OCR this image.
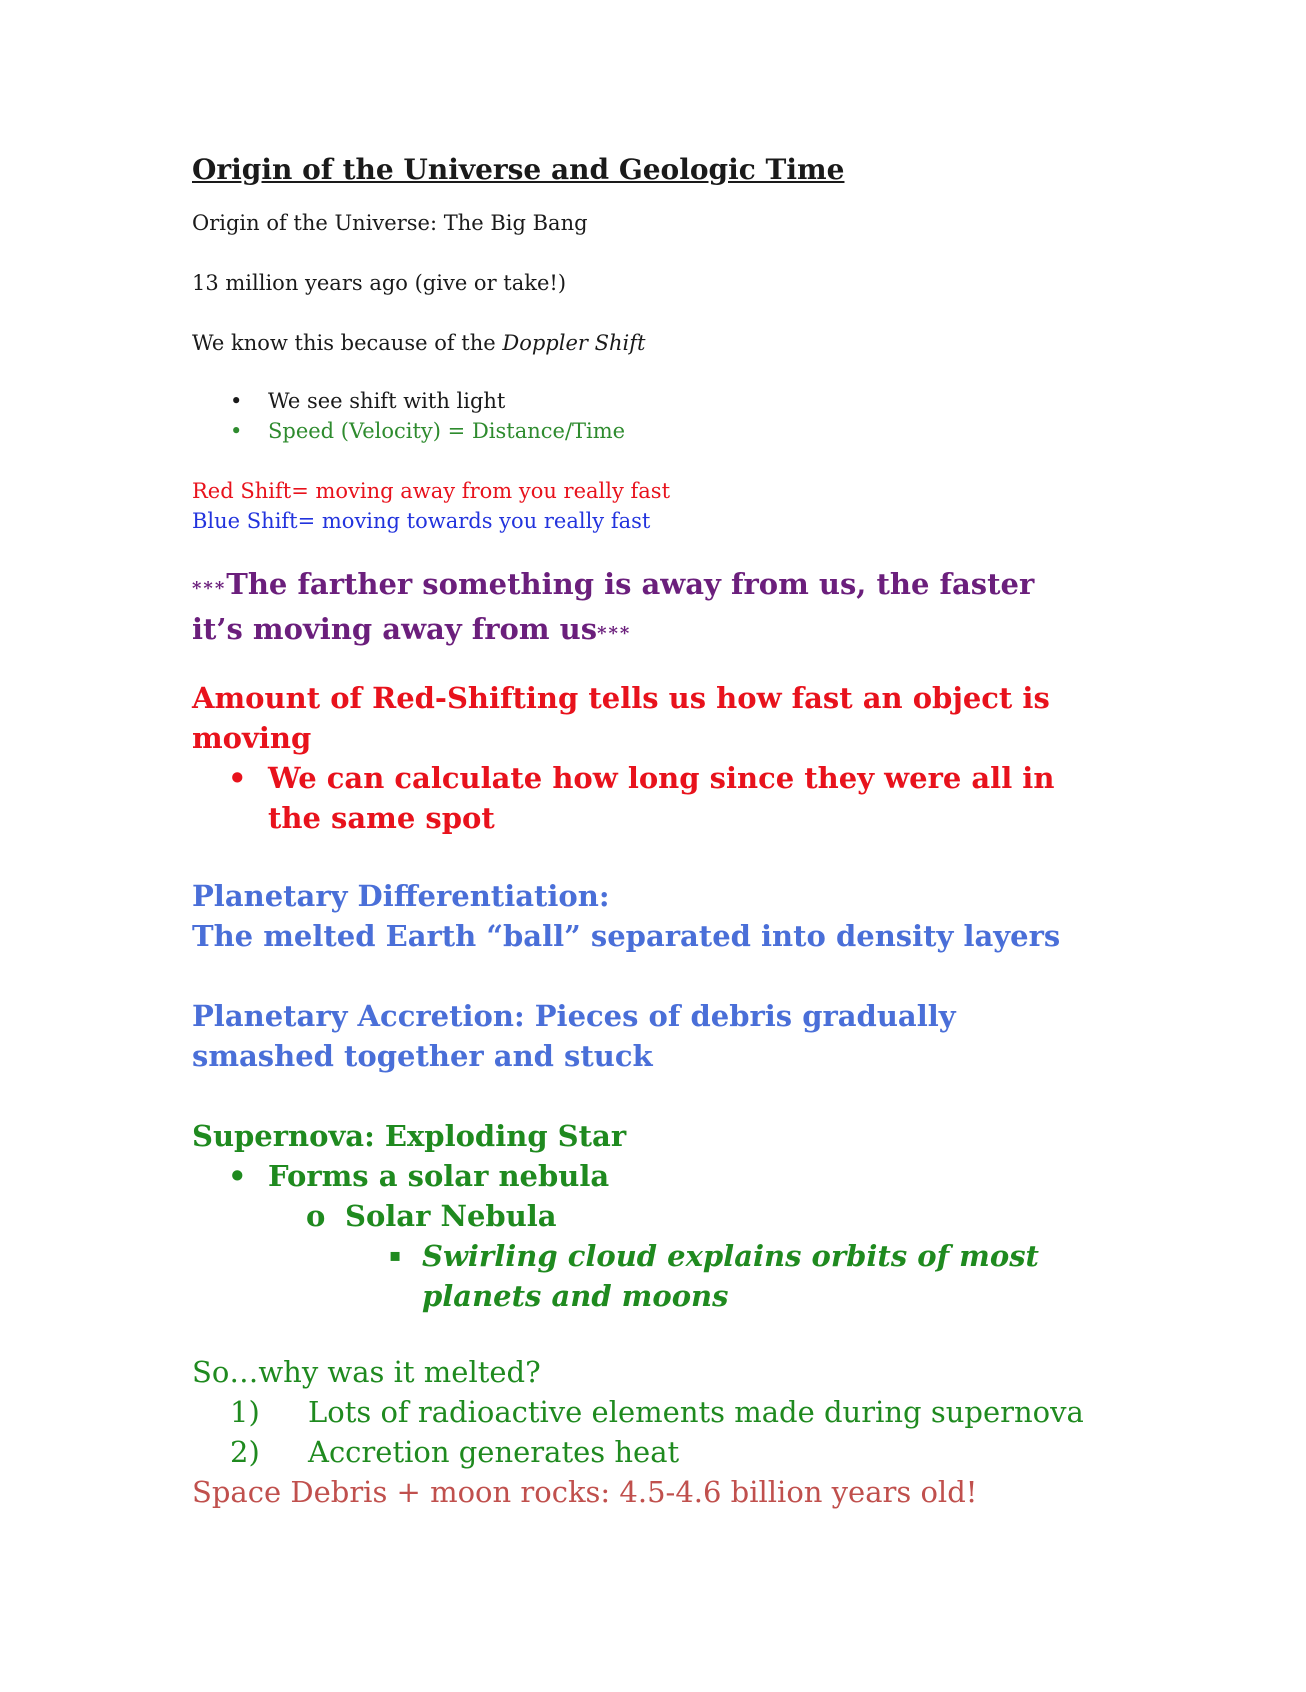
Origin of the Universe and Geologic Time

Origin of the Universe: The Big Bang

13 million years ago (give or take!)

We know this because of the Doppler Shift

• We see shift with light
• Speed (Velocity) = Distance/Time

Red Shift= moving away from you really fast

Blue Shift= moving towards you really fast

***The farther something is away from us, the faster it’s moving away from us***

Amount of Red-Shifting tells us how fast an object is moving

• We can calculate how long since they were all in the same spot

Planetary Differentiation:

The melted Earth “ball” separated into density layers

Planetary Accretion: Pieces of debris gradually smashed together and stuck

Supernova: Exploding Star

• Forms a solar nebula
o Solar Nebula
▪ Swirling cloud explains orbits of most planets and moons

So…why was it melted?

1) Lots of radioactive elements made during supernova
2) Accretion generates heat

Space Debris + moon rocks: 4.5-4.6 billion years old!
